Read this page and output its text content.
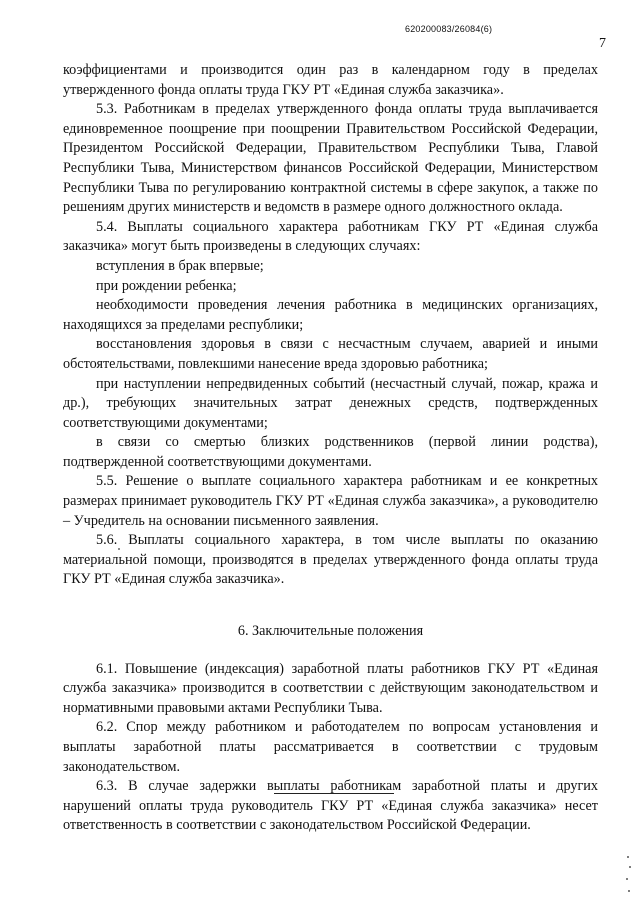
620200083/26084(6)
7

коэффициентами и производится один раз в календарном году в пределах утвержденного фонда оплаты труда ГКУ РТ «Единая служба заказчика».

5.3. Работникам в пределах утвержденного фонда оплаты труда выплачивается единовременное поощрение при поощрении Правительством Российской Федерации, Президентом Российской Федерации, Правительством Республики Тыва, Главой Республики Тыва, Министерством финансов Российской Федерации, Министерством Республики Тыва по регулированию контрактной системы в сфере закупок, а также по решениям других министерств и ведомств в размере одного должностного оклада.

5.4. Выплаты социального характера работникам ГКУ РТ «Единая служба заказчика» могут быть произведены в следующих случаях:

вступления в брак впервые;

при рождении ребенка;

необходимости проведения лечения работника в медицинских организациях, находящихся за пределами республики;

восстановления здоровья в связи с несчастным случаем, аварией и иными обстоятельствами, повлекшими нанесение вреда здоровью работника;

при наступлении непредвиденных событий (несчастный случай, пожар, кража и др.), требующих значительных затрат денежных средств, подтвержденных соответствующими документами;

в связи со смертью близких родственников (первой линии родства), подтвержденной соответствующими документами.

5.5. Решение о выплате социального характера работникам и ее конкретных размерах принимает руководитель ГКУ РТ «Единая служба заказчика», а руководителю – Учредитель на основании письменного заявления.

5.6. Выплаты социального характера, в том числе выплаты по оказанию материальной помощи, производятся в пределах утвержденного фонда оплаты труда ГКУ РТ «Единая служба заказчика».

6. Заключительные положения

6.1. Повышение (индексация) заработной платы работников ГКУ РТ «Единая служба заказчика» производится в соответствии с действующим законодательством и нормативными правовыми актами Республики Тыва.

6.2. Спор между работником и работодателем по вопросам установления и выплаты заработной платы рассматривается в соответствии с трудовым законодательством.

6.3. В случае задержки выплаты работникам заработной платы и других нарушений оплаты труда руководитель ГКУ РТ «Единая служба заказчика» несет ответственность в соответствии с законодательством Российской Федерации.
